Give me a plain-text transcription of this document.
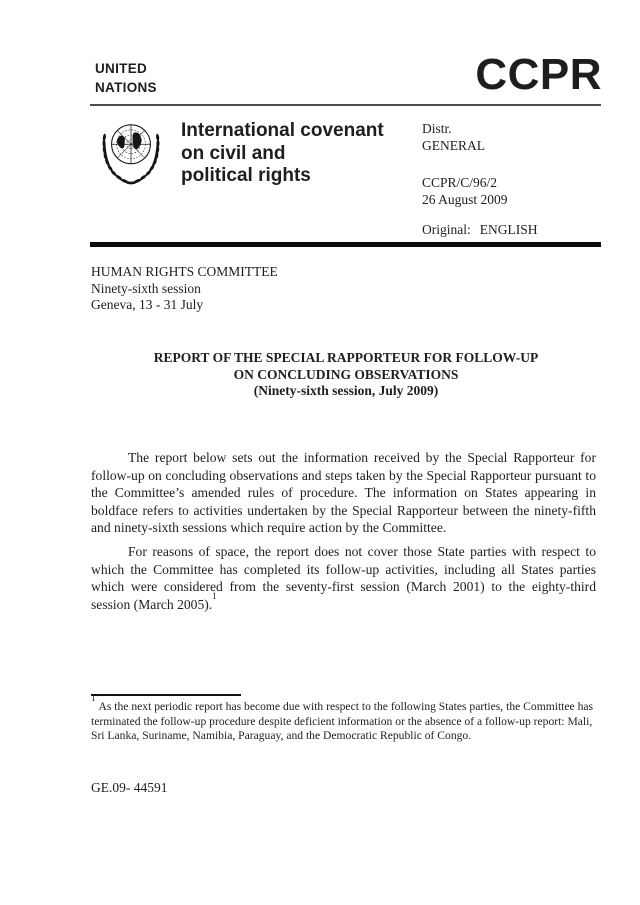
UNITED
NATIONS	CCPR
International covenant
on civil and
political rights
Distr.
GENERAL
CCPR/C/96/2
26 August 2009
Original: ENGLISH
HUMAN RIGHTS COMMITTEE
Ninety-sixth session
Geneva, 13 - 31 July
REPORT OF THE SPECIAL RAPPORTEUR FOR FOLLOW-UP
ON CONCLUDING OBSERVATIONS
(Ninety-sixth session, July 2009)

The report below sets out the information received by the Special Rapporteur for follow-up on concluding observations and steps taken by the Special Rapporteur pursuant to the Committee’s amended rules of procedure. The information on States appearing in boldface refers to activities undertaken by the Special Rapporteur between the ninety-fifth and ninety-sixth sessions which require action by the Committee.

For reasons of space, the report does not cover those State parties with respect to which the Committee has completed its follow-up activities, including all States parties which were considered from the seventy-first session (March 2001) to the eighty-third session (March 2005).$^1$

$^1$As the next periodic report has become due with respect to the following States parties, the Committee has terminated the follow-up procedure despite deficient information or the absence of a follow-up report: Mali, Sri Lanka, Suriname, Namibia, Paraguay, and the Democratic Republic of Congo.
GE.09- 44591
